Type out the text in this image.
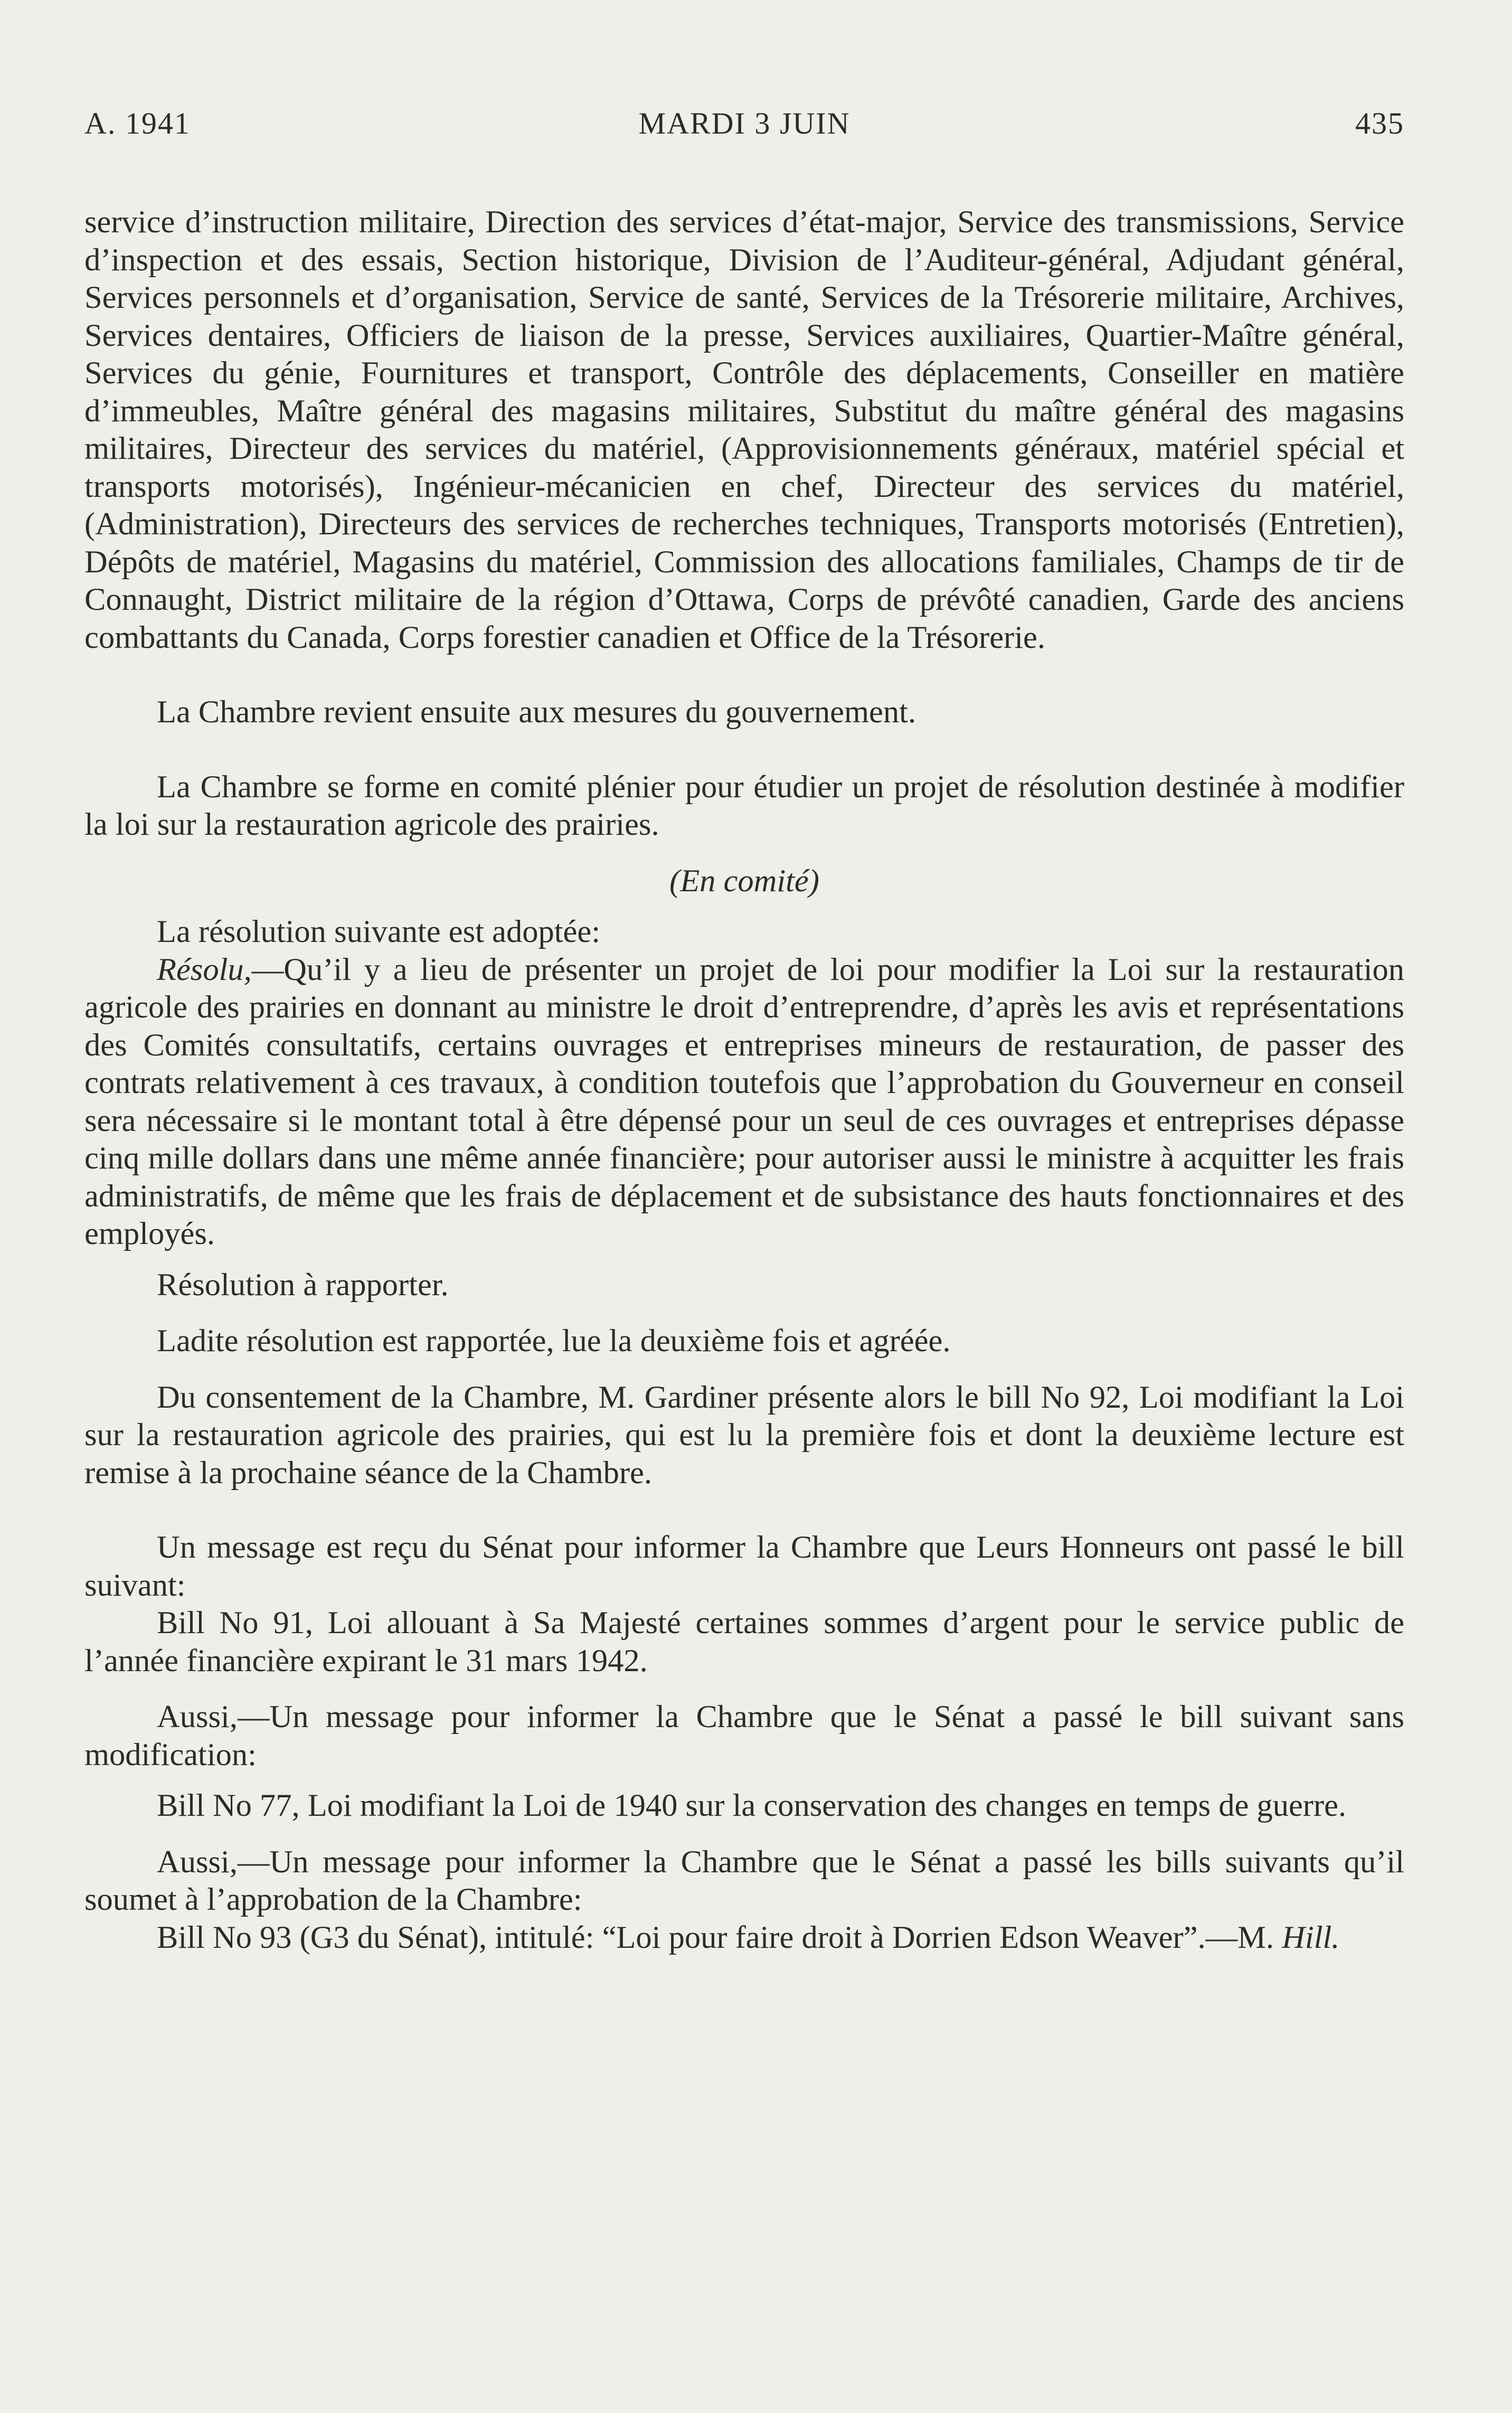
A. 1941	MARDI 3 JUIN	435

service d’instruction militaire, Direction des services d’état-major, Service des transmissions, Service d’inspection et des essais, Section historique, Division de l’Auditeur-général, Adjudant général, Services personnels et d’organisation, Service de santé, Services de la Trésorerie militaire, Archives, Services dentaires, Officiers de liaison de la presse, Services auxiliaires, Quartier-Maître général, Services du génie, Fournitures et transport, Contrôle des déplacements, Conseiller en matière d’immeubles, Maître général des magasins militaires, Substitut du maître général des magasins militaires, Directeur des services du matériel, (Approvisionnements généraux, matériel spécial et transports motorisés), Ingénieur-mécanicien en chef, Directeur des services du matériel, (Administration), Directeurs des services de recherches techniques, Transports motorisés (Entretien), Dépôts de matériel, Magasins du matériel, Commission des allocations familiales, Champs de tir de Connaught, District militaire de la région d’Ottawa, Corps de prévôté canadien, Garde des anciens combattants du Canada, Corps forestier canadien et Office de la Trésorerie.

La Chambre revient ensuite aux mesures du gouvernement.

La Chambre se forme en comité plénier pour étudier un projet de résolution destinée à modifier la loi sur la restauration agricole des prairies.

(En comité)

La résolution suivante est adoptée:

Résolu,—Qu’il y a lieu de présenter un projet de loi pour modifier la Loi sur la restauration agricole des prairies en donnant au ministre le droit d’entreprendre, d’après les avis et représentations des Comités consultatifs, certains ouvrages et entreprises mineurs de restauration, de passer des contrats relativement à ces travaux, à condition toutefois que l’approbation du Gouverneur en conseil sera nécessaire si le montant total à être dépensé pour un seul de ces ouvrages et entreprises dépasse cinq mille dollars dans une même année financière; pour autoriser aussi le ministre à acquitter les frais administratifs, de même que les frais de déplacement et de subsistance des hauts fonctionnaires et des employés.

Résolution à rapporter.

Ladite résolution est rapportée, lue la deuxième fois et agréée.

Du consentement de la Chambre, M. Gardiner présente alors le bill No 92, Loi modifiant la Loi sur la restauration agricole des prairies, qui est lu la première fois et dont la deuxième lecture est remise à la prochaine séance de la Chambre.

Un message est reçu du Sénat pour informer la Chambre que Leurs Honneurs ont passé le bill suivant:

Bill No 91, Loi allouant à Sa Majesté certaines sommes d’argent pour le service public de l’année financière expirant le 31 mars 1942.

Aussi,—Un message pour informer la Chambre que le Sénat a passé le bill suivant sans modification:

Bill No 77, Loi modifiant la Loi de 1940 sur la conservation des changes en temps de guerre.

Aussi,—Un message pour informer la Chambre que le Sénat a passé les bills suivants qu’il soumet à l’approbation de la Chambre:

Bill No 93 (G3 du Sénat), intitulé: “Loi pour faire droit à Dorrien Edson Weaver”.—M. Hill.
